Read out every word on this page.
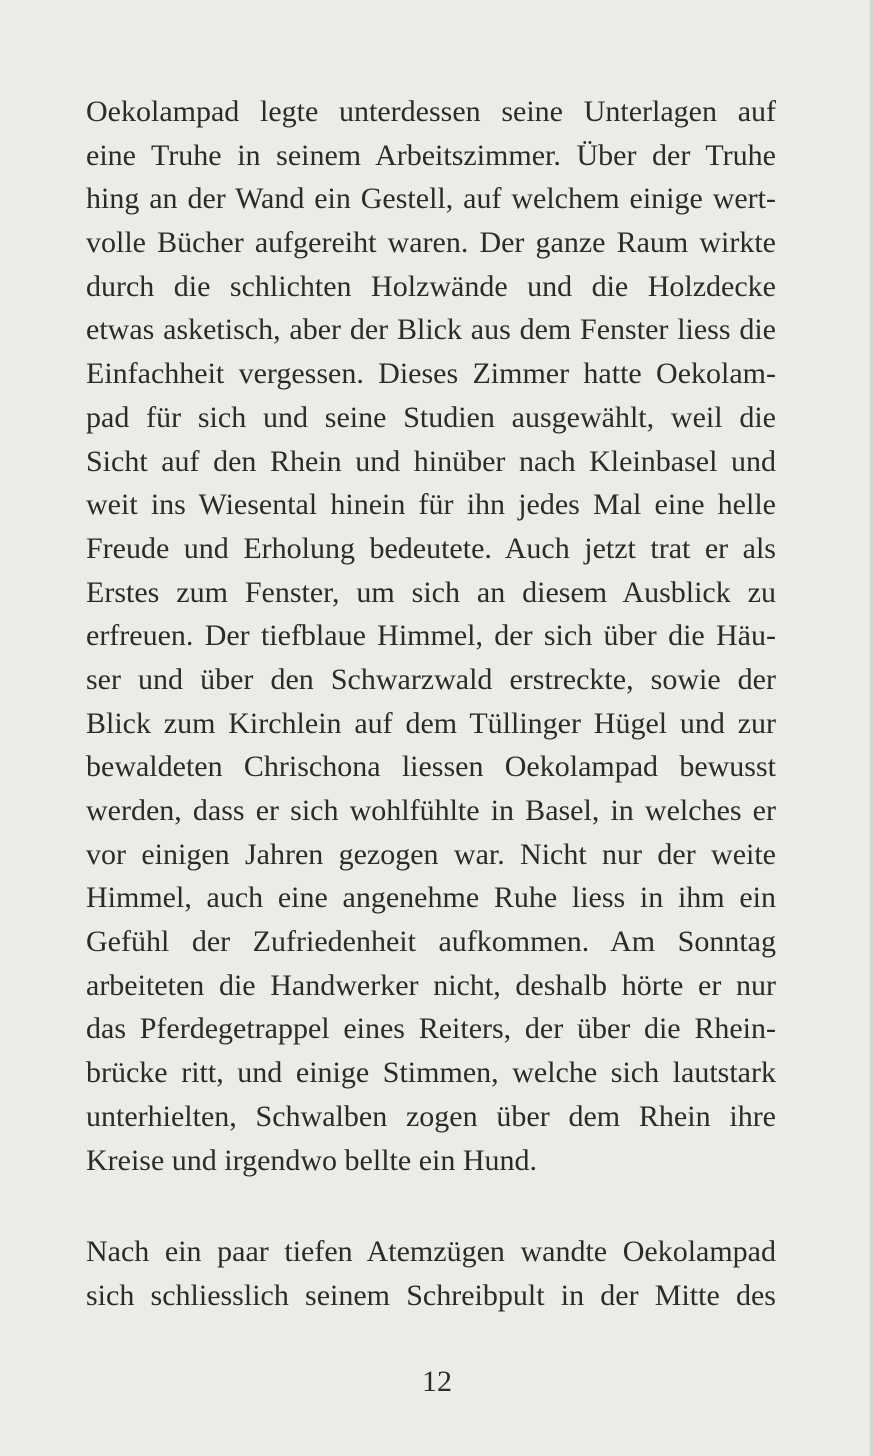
Oekolampad legte unterdessen seine Unterlagen auf
eine Truhe in seinem Arbeitszimmer. Über der Truhe
hing an der Wand ein Gestell, auf welchem einige wert-
volle Bücher aufgereiht waren. Der ganze Raum wirkte
durch die schlichten Holzwände und die Holzdecke
etwas asketisch, aber der Blick aus dem Fenster liess die
Einfachheit vergessen. Dieses Zimmer hatte Oekolam-
pad für sich und seine Studien ausgewählt, weil die
Sicht auf den Rhein und hinüber nach Kleinbasel und
weit ins Wiesental hinein für ihn jedes Mal eine helle
Freude und Erholung bedeutete. Auch jetzt trat er als
Erstes zum Fenster, um sich an diesem Ausblick zu
erfreuen. Der tiefblaue Himmel, der sich über die Häu-
ser und über den Schwarzwald erstreckte, sowie der
Blick zum Kirchlein auf dem Tüllinger Hügel und zur
bewaldeten Chrischona liessen Oekolampad bewusst
werden, dass er sich wohlfühlte in Basel, in welches er
vor einigen Jahren gezogen war. Nicht nur der weite
Himmel, auch eine angenehme Ruhe liess in ihm ein
Gefühl der Zufriedenheit aufkommen. Am Sonntag
arbeiteten die Handwerker nicht, deshalb hörte er nur
das Pferdegetrappel eines Reiters, der über die Rhein-
brücke ritt, und einige Stimmen, welche sich lautstark
unterhielten, Schwalben zogen über dem Rhein ihre
Kreise und irgendwo bellte ein Hund.
Nach ein paar tiefen Atemzügen wandte Oekolampad
sich schliesslich seinem Schreibpult in der Mitte des
12
